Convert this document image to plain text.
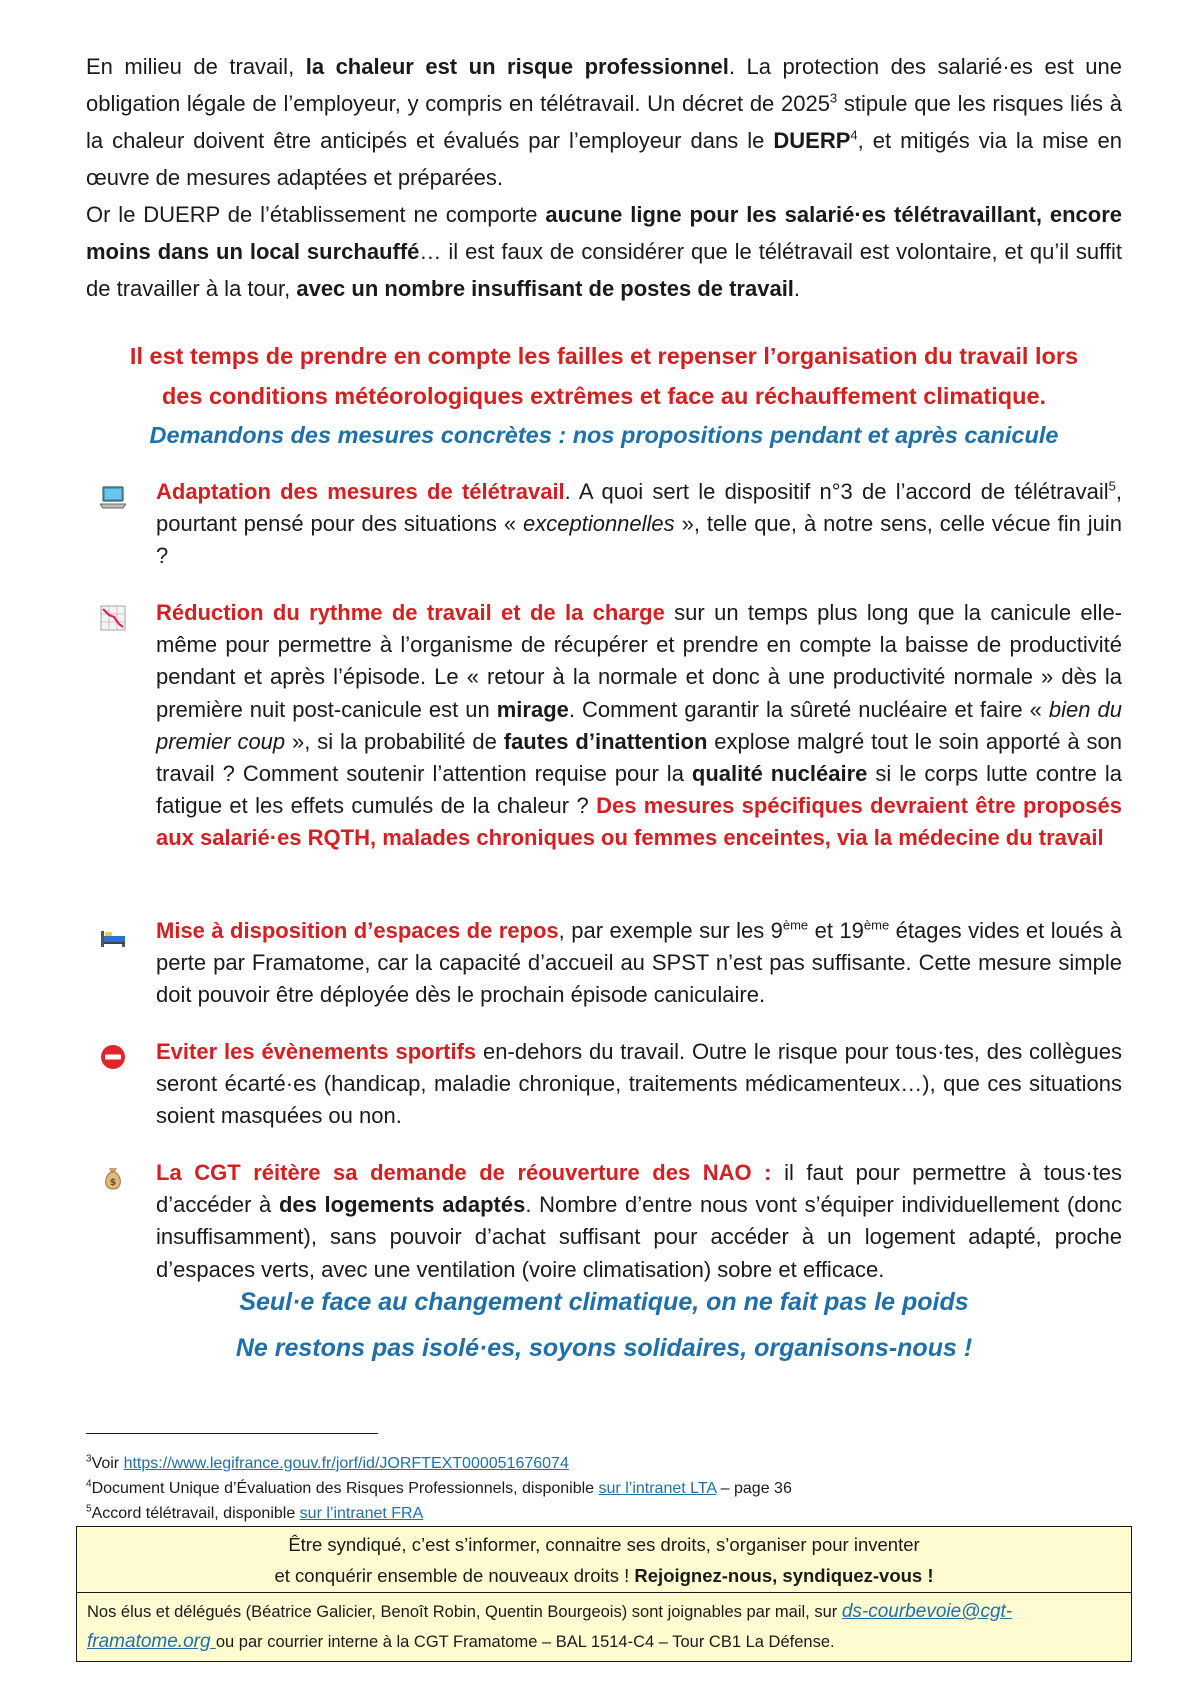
En milieu de travail, la chaleur est un risque professionnel. La protection des salarié·es est une obligation légale de l’employeur, y compris en télétravail. Un décret de 2025$^3$ stipule que les risques liés à la chaleur doivent être anticipés et évalués par l’employeur dans le DUERP$^4$, et mitigés via la mise en œuvre de mesures adaptées et préparées.

Or le DUERP de l’établissement ne comporte aucune ligne pour les salarié·es télétravaillant, encore moins dans un local surchauffé… il est faux de considérer que le télétravail est volontaire, et qu’il suffit de travailler à la tour, avec un nombre insuffisant de postes de travail.

Il est temps de prendre en compte les failles et repenser l’organisation du travail lors
des conditions météorologiques extrêmes et face au réchauffement climatique.
Demandons des mesures concrètes : nos propositions pendant et après canicule
Adaptation des mesures de télétravail. A quoi sert le dispositif n°3 de l’accord de télétravail$^5$, pourtant pensé pour des situations « exceptionnelles », telle que, à notre sens, celle vécue fin juin ?
Réduction du rythme de travail et de la charge sur un temps plus long que la canicule elle-même pour permettre à l’organisme de récupérer et prendre en compte la baisse de productivité pendant et après l’épisode. Le « retour à la normale et donc à une productivité normale » dès la première nuit post-canicule est un mirage. Comment garantir la sûreté nucléaire et faire « bien du premier coup », si la probabilité de fautes d’inattention explose malgré tout le soin apporté à son travail ? Comment soutenir l’attention requise pour la qualité nucléaire si le corps lutte contre la fatigue et les effets cumulés de la chaleur ? Des mesures spécifiques devraient être proposés aux salarié·es RQTH, malades chroniques ou femmes enceintes, via la médecine du travail
Mise à disposition d’espaces de repos, par exemple sur les 9ème et 19ème étages vides et loués à perte par Framatome, car la capacité d’accueil au SPST n’est pas suffisante. Cette mesure simple doit pouvoir être déployée dès le prochain épisode caniculaire.
Eviter les évènements sportifs en-dehors du travail. Outre le risque pour tous·tes, des collègues seront écarté·es (handicap, maladie chronique, traitements médicamenteux…), que ces situations soient masquées ou non.
$ La CGT réitère sa demande de réouverture des NAO : il faut pour permettre à tous·tes d’accéder à des logements adaptés. Nombre d’entre nous vont s’équiper individuellement (donc insuffisamment), sans pouvoir d’achat suffisant pour accéder à un logement adapté, proche d’espaces verts, avec une ventilation (voire climatisation) sobre et efficace.
Seul·e face au changement climatique, on ne fait pas le poids
Ne restons pas isolé·es, soyons solidaires, organisons-nous !
$^3$Voir https://www.legifrance.gouv.fr/jorf/id/JORFTEXT000051676074
$^4$Document Unique d’Évaluation des Risques Professionnels, disponible sur l’intranet LTA – page 36
$^5$Accord télétravail, disponible sur l’intranet FRA
Être syndiqué, c’est s’informer, connaitre ses droits, s’organiser pour inventer
et conquérir ensemble de nouveaux droits ! Rejoignez-nous, syndiquez-vous !
Nos élus et délégués (Béatrice Galicier, Benoît Robin, Quentin Bourgeois) sont joignables par mail, sur ds-courbevoie@cgt-framatome.org ou par courrier interne à la CGT Framatome – BAL 1514-C4 – Tour CB1 La Défense.
